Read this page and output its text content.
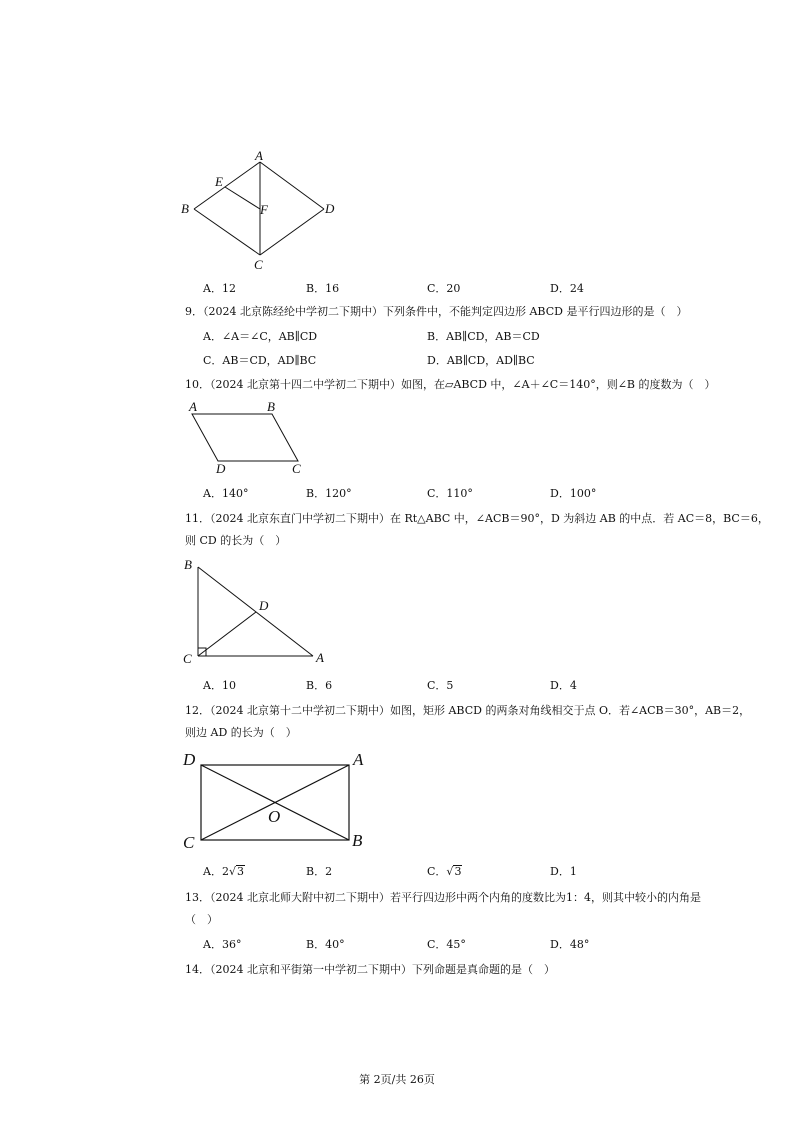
A
E
B	F	D
C
A．12	B．16	C．20	D．24
9．（2024 北京陈经纶中学初二下期中）下列条件中，不能判定四边形 ABCD 是平行四边形的是（　）
A．∠A＝∠C，AB∥CD	B．AB∥CD，AB＝CD
C．AB＝CD，AD∥BC	D．AB∥CD，AD∥BC
10．（2024 北京第十四二中学初二下期中）如图，在▱ABCD 中，∠A＋∠C＝140°，则∠B 的度数为（　）
A	B
D	C
A．140°	B．120°	C．110°	D．100°
11．（2024 北京东直门中学初二下期中）在 Rt△ABC 中，∠ACB＝90°，D 为斜边 AB 的中点．若 AC＝8，BC＝6，
则 CD 的长为（　）
B
D
C	A
A．10	B．6	C．5	D．4
12．（2024 北京第十二中学初二下期中）如图，矩形 ABCD 的两条对角线相交于点 O．若∠ACB＝30°，AB＝2，
则边 AD 的长为（　）
D	A
O
C	B
A．2√3	B．2	C．√3	D．1
13．（2024 北京北师大附中初二下期中）若平行四边形中两个内角的度数比为1：4，则其中较小的内角是
（　）
A．36°	B．40°	C．45°	D．48°
14．（2024 北京和平街第一中学初二下期中）下列命题是真命题的是（　）
第 2页/共 26页
